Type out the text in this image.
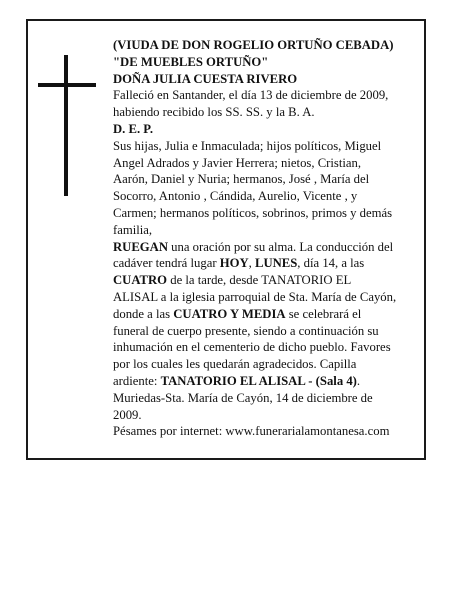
(VIUDA DE DON ROGELIO ORTUÑO CEBADA)
"DE MUEBLES ORTUÑO"
DOÑA JULIA CUESTA RIVERO
Falleció en Santander, el día 13 de diciembre de 2009,
habiendo recibido los SS. SS. y la B. A.
D. E. P.
Sus hijas, Julia e Inmaculada; hijos políticos, Miguel
Angel Adrados y Javier Herrera; nietos, Cristian,
Aarón, Daniel y Nuria; hermanos, José , María del
Socorro, Antonio , Cándida, Aurelio, Vicente , y
Carmen; hermanos políticos, sobrinos, primos y demás
familia,
RUEGAN una oración por su alma. La conducción del
cadáver tendrá lugar HOY, LUNES, día 14, a las
CUATRO de la tarde, desde TANATORIO EL
ALISAL a la iglesia parroquial de Sta. María de Cayón,
donde a las CUATRO Y MEDIA se celebrará el
funeral de cuerpo presente, siendo a continuación su
inhumación en el cementerio de dicho pueblo. Favores
por los cuales les quedarán agradecidos. Capilla
ardiente: TANATORIO EL ALISAL - (Sala 4).
Muriedas-Sta. María de Cayón, 14 de diciembre de
2009.
Pésames por internet: www.funerarialamontanesa.com
